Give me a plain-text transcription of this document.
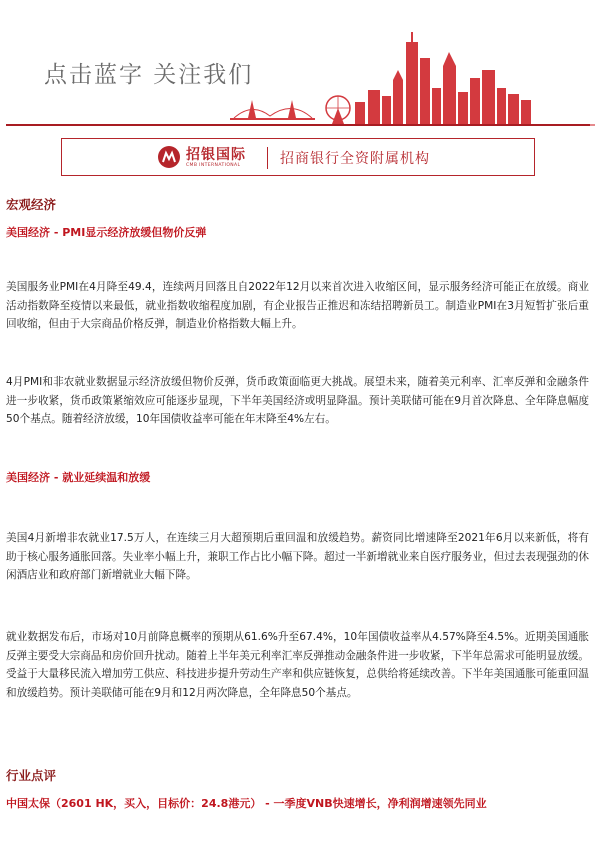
点击蓝字 关注我们
招银国际
CMB INTERNATIONAL	招商银行全资附属机构
宏观经济
美国经济 - PMI显示经济放缓但物价反弹

美国服务业PMI在4月降至49.4，连续两月回落且自2022年12月以来首次进入收缩区间，显示服务经济可能正在放缓。商业活动指数降至疫情以来最低，就业指数收缩程度加剧，有企业报告正推迟和冻结招聘新员工。制造业PMI在3月短暂扩张后重回收缩，但由于大宗商品价格反弹，制造业价格指数大幅上升。

4月PMI和非农就业数据显示经济放缓但物价反弹，货币政策面临更大挑战。展望未来，随着美元利率、汇率反弹和金融条件进一步收紧，货币政策紧缩效应可能逐步显现，下半年美国经济或明显降温。预计美联储可能在9月首次降息、全年降息幅度50个基点。随着经济放缓，10年国债收益率可能在年末降至4%左右。

美国经济 - 就业延续温和放缓

美国4月新增非农就业17.5万人，在连续三月大超预期后重回温和放缓趋势。薪资同比增速降至2021年6月以来新低，将有助于核心服务通胀回落。失业率小幅上升，兼职工作占比小幅下降。超过一半新增就业来自医疗服务业，但过去表现强劲的休闲酒店业和政府部门新增就业大幅下降。

就业数据发布后，市场对10月前降息概率的预期从61.6%升至67.4%，10年国债收益率从4.57%降至4.5%。近期美国通胀反弹主要受大宗商品和房价回升扰动。随着上半年美元利率汇率反弹推动金融条件进一步收紧，下半年总需求可能明显放缓。受益于大量移民流入增加劳工供应、科技进步提升劳动生产率和供应链恢复，总供给将延续改善。下半年美国通胀可能重回温和放缓趋势。预计美联储可能在9月和12月两次降息，全年降息50个基点。

行业点评
中国太保（2601 HK，买入，目标价：24.8港元） - 一季度VNB快速增长，净利润增速领先同业
